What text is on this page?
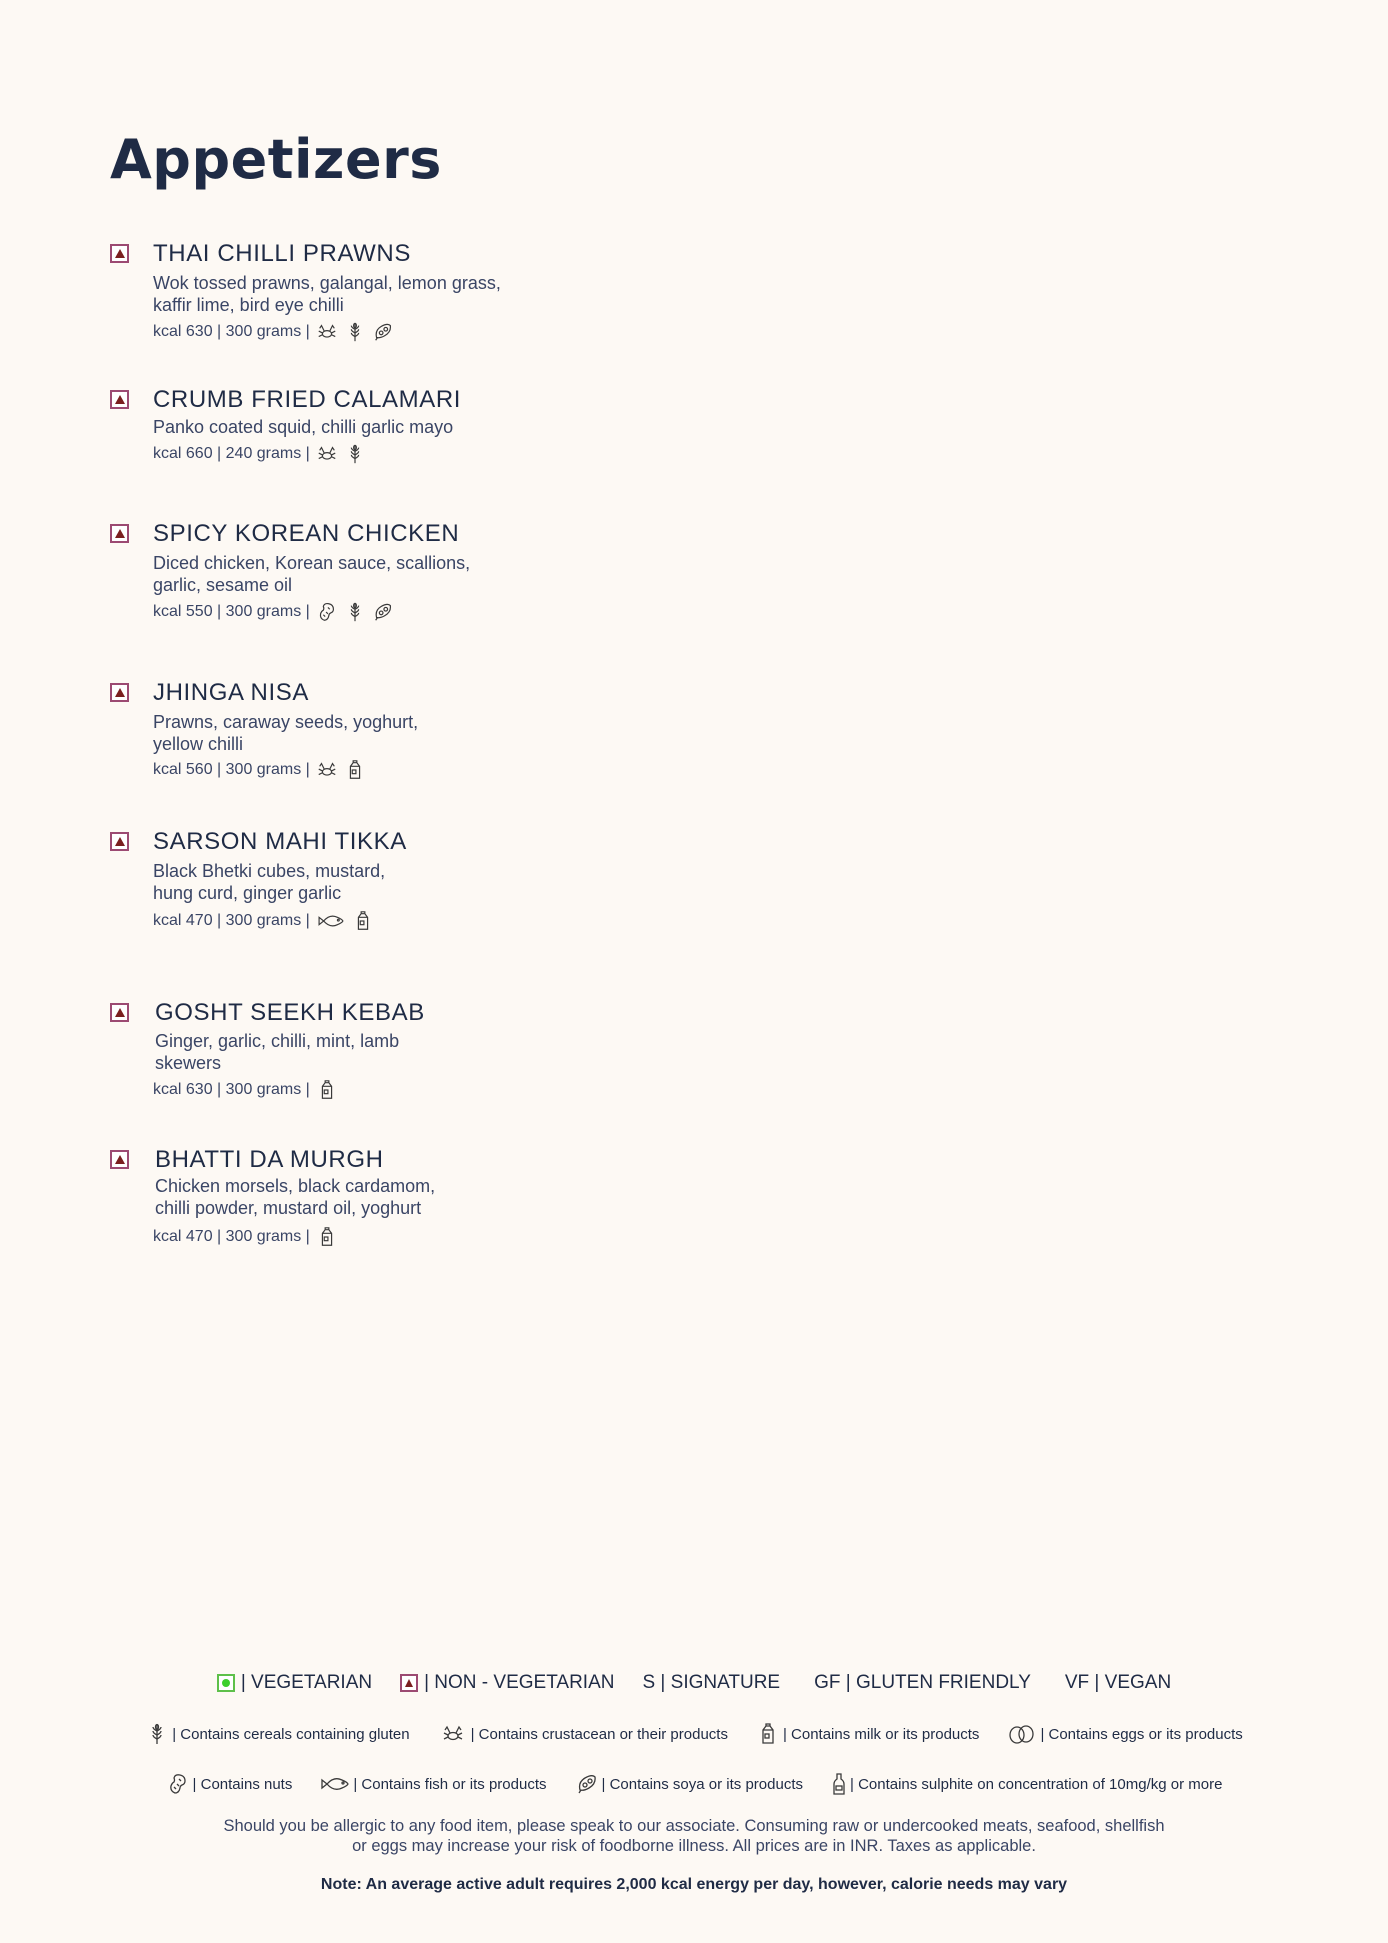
Appetizers
THAI CHILLI PRAWNS
Wok tossed prawns, galangal, lemon grass,
kaffir lime, bird eye chilli
kcal 630 | 300 grams |
CRUMB FRIED CALAMARI
Panko coated squid, chilli garlic mayo
kcal 660 | 240 grams |
SPICY KOREAN CHICKEN
Diced chicken, Korean sauce, scallions,
garlic, sesame oil
kcal 550 | 300 grams |
JHINGA NISA
Prawns, caraway seeds, yoghurt,
yellow chilli
kcal 560 | 300 grams |
SARSON MAHI TIKKA
Black Bhetki cubes, mustard,
hung curd, ginger garlic
kcal 470 | 300 grams |
GOSHT SEEKH KEBAB
Ginger, garlic, chilli, mint, lamb
skewers
kcal 630 | 300 grams |
BHATTI DA MURGH
Chicken morsels, black cardamom,
chilli powder, mustard oil, yoghurt
kcal 470 | 300 grams |
| VEGETARIAN	| NON - VEGETARIAN S | SIGNATURE GF | GLUTEN FRIENDLY VF | VEGAN
| Contains cereals containing gluten	| Contains crustacean or their products	| Contains milk or its products	| Contains eggs or its products
| Contains nuts	| Contains fish or its products	| Contains soya or its products	| Contains sulphite on concentration of 10mg/kg or more
Should you be allergic to any food item, please speak to our associate. Consuming raw or undercooked meats, seafood, shellfish
or eggs may increase your risk of foodborne illness. All prices are in INR. Taxes as applicable.
Note: An average active adult requires 2,000 kcal energy per day, however, calorie needs may vary
